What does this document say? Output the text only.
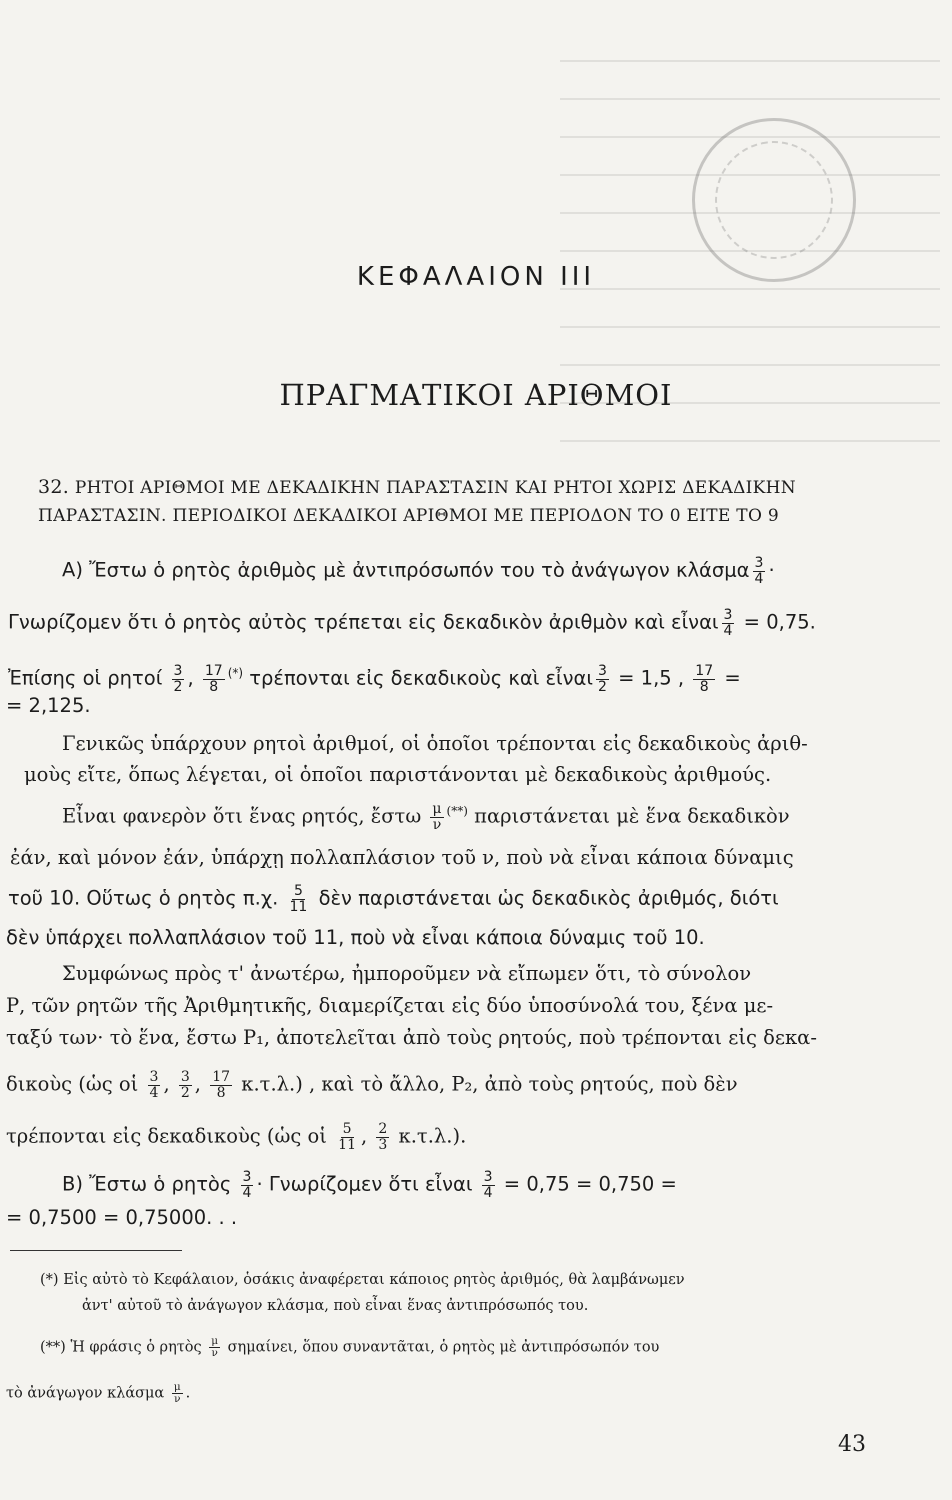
ΚΕΦΑΛΑΙΟΝ ΙΙΙ
ΠΡΑΓΜΑΤΙΚΟΙ ΑΡΙΘΜΟΙ
32. ΡΗΤΟΙ ΑΡΙΘΜΟΙ ΜΕ ΔΕΚΑΔΙΚΗΝ ΠΑΡΑΣΤΑΣΙΝ ΚΑΙ ΡΗΤΟΙ ΧΩΡΙΣ ΔΕΚΑΔΙΚΗΝ
ΠΑΡΑΣΤΑΣΙΝ. ΠΕΡΙΟΔΙΚΟΙ ΔΕΚΑΔΙΚΟΙ ΑΡΙΘΜΟΙ ΜΕ ΠΕΡΙΟΔΟΝ ΤΟ 0 ΕΙΤΕ ΤΟ 9
Α) Ἔστω ὁ ρητὸς ἀριθμὸς μὲ ἀντιπρόσωπόν του τὸ ἀνάγωγον κλάσμα $\frac{3}{4}$ ·
Γνωρίζομεν ὅτι ὁ ρητὸς αὐτὸς τρέπεται εἰς δεκαδικὸν ἀριθμὸν καὶ εἶναι $\frac{3}{4} = 0,75$.
Ἐπίσης οἱ ρητοί $\frac{3}{2}$ , $\frac{17}{8} ^{(*)}$ τρέπονται εἰς δεκαδικοὺς καὶ εἶναι $\frac{3}{2} = 1,5$ , $\frac{17}{8}$ =
= 2,125.
Γενικῶς ὑπάρχουν ρητοὶ ἀριθμοί, οἱ ὁποῖοι τρέπονται εἰς δεκαδικοὺς ἀριθ-
μοὺς εἴτε, ὅπως λέγεται, οἱ ὁποῖοι παριστάνονται μὲ δεκαδικοὺς ἀριθμούς.
Εἶναι φανερὸν ὅτι ἕνας ρητός, ἔστω $\frac{\mu}{\nu} ^{(**)}$ παριστάνεται μὲ ἕνα δεκαδικὸν
ἐάν, καὶ μόνον ἐάν, ὑπάρχῃ πολλαπλάσιον τοῦ ν, ποὺ νὰ εἶναι κάποια δύναμις
τοῦ 10. Οὕτως ὁ ρητὸς π.χ. $\frac{5}{11}$ δὲν παριστάνεται ὡς δεκαδικὸς ἀριθμός, διότι
δὲν ὑπάρχει πολλαπλάσιον τοῦ 11, ποὺ νὰ εἶναι κάποια δύναμις τοῦ 10.
Συμφώνως πρὸς τ' ἀνωτέρω, ἠμποροῦμεν νὰ εἴπωμεν ὅτι, τὸ σύνολον
Ρ, τῶν ρητῶν τῆς Ἀριθμητικῆς, διαμερίζεται εἰς δύο ὑποσύνολά του, ξένα με-
ταξύ των· τὸ ἕνα, ἔστω Ρ₁, ἀποτελεῖται ἀπὸ τοὺς ρητούς, ποὺ τρέπονται εἰς δεκα-
δικοὺς (ὡς οἱ $\frac{3}{4}$ , $\frac{3}{2}$ , $\frac{17}{8} \kappa.\tau.\lambda$.) , καὶ τὸ ἄλλο, Ρ₂, ἀπὸ τοὺς ρητούς, ποὺ δὲν
τρέπονται εἰς δεκαδικοὺς (ὡς οἱ $\frac{5}{11}$ , $\frac{2}{3} \kappa.\tau.\lambda$.).
Β) Ἔστω ὁ ρητὸς $\frac{3}{4} \cdot \Gamma\nu\omega\rho ί\zeta o\mu\varepsilon\nu$ ὅτι εἶναι $\frac{3}{4} = 0,75 = 0,750$ =
= 0,7500 = 0,75000. . .
(*) Εἰς αὐτὸ τὸ Κεφάλαιον, ὁσάκις ἀναφέρεται κάποιος ρητὸς ἀριθμός, θὰ λαμβάνωμεν
ἀντ' αὐτοῦ τὸ ἀνάγωγον κλάσμα, ποὺ εἶναι ἕνας ἀντιπρόσωπός του.
(**) Ἡ φράσις ὁ ρητὸς $\frac{\mu}{\nu} \sigma\eta\mu\alpha ί\nu\varepsilon\iota$, ὅπου συναντᾶται, ὁ ρητὸς μὲ ἀντιπρόσωπόν του
τὸ ἀνάγωγον κλάσμα $\frac{\mu}{\nu}$ .
43
